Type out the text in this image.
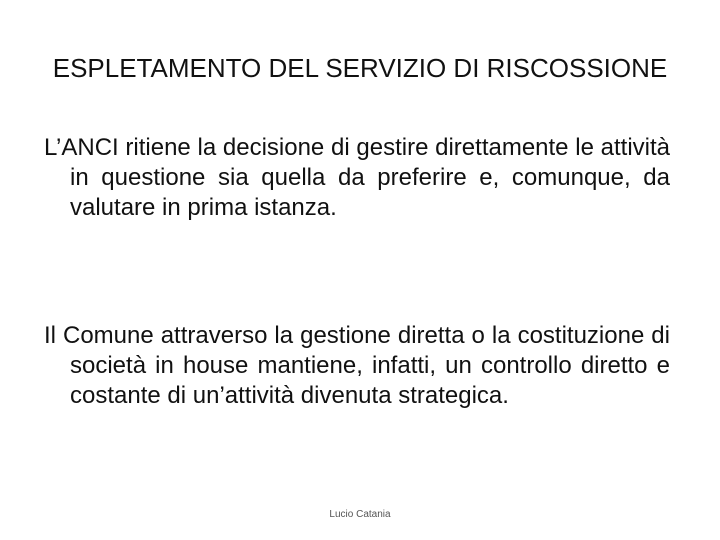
ESPLETAMENTO DEL SERVIZIO DI RISCOSSIONE

L’ANCI ritiene la decisione di gestire direttamente le attività in questione sia quella da preferire e, comunque, da valutare in prima istanza.

Il Comune attraverso la gestione diretta o la costituzione di società in house mantiene, infatti, un controllo diretto e costante di un’attività divenuta strategica.

Lucio Catania
